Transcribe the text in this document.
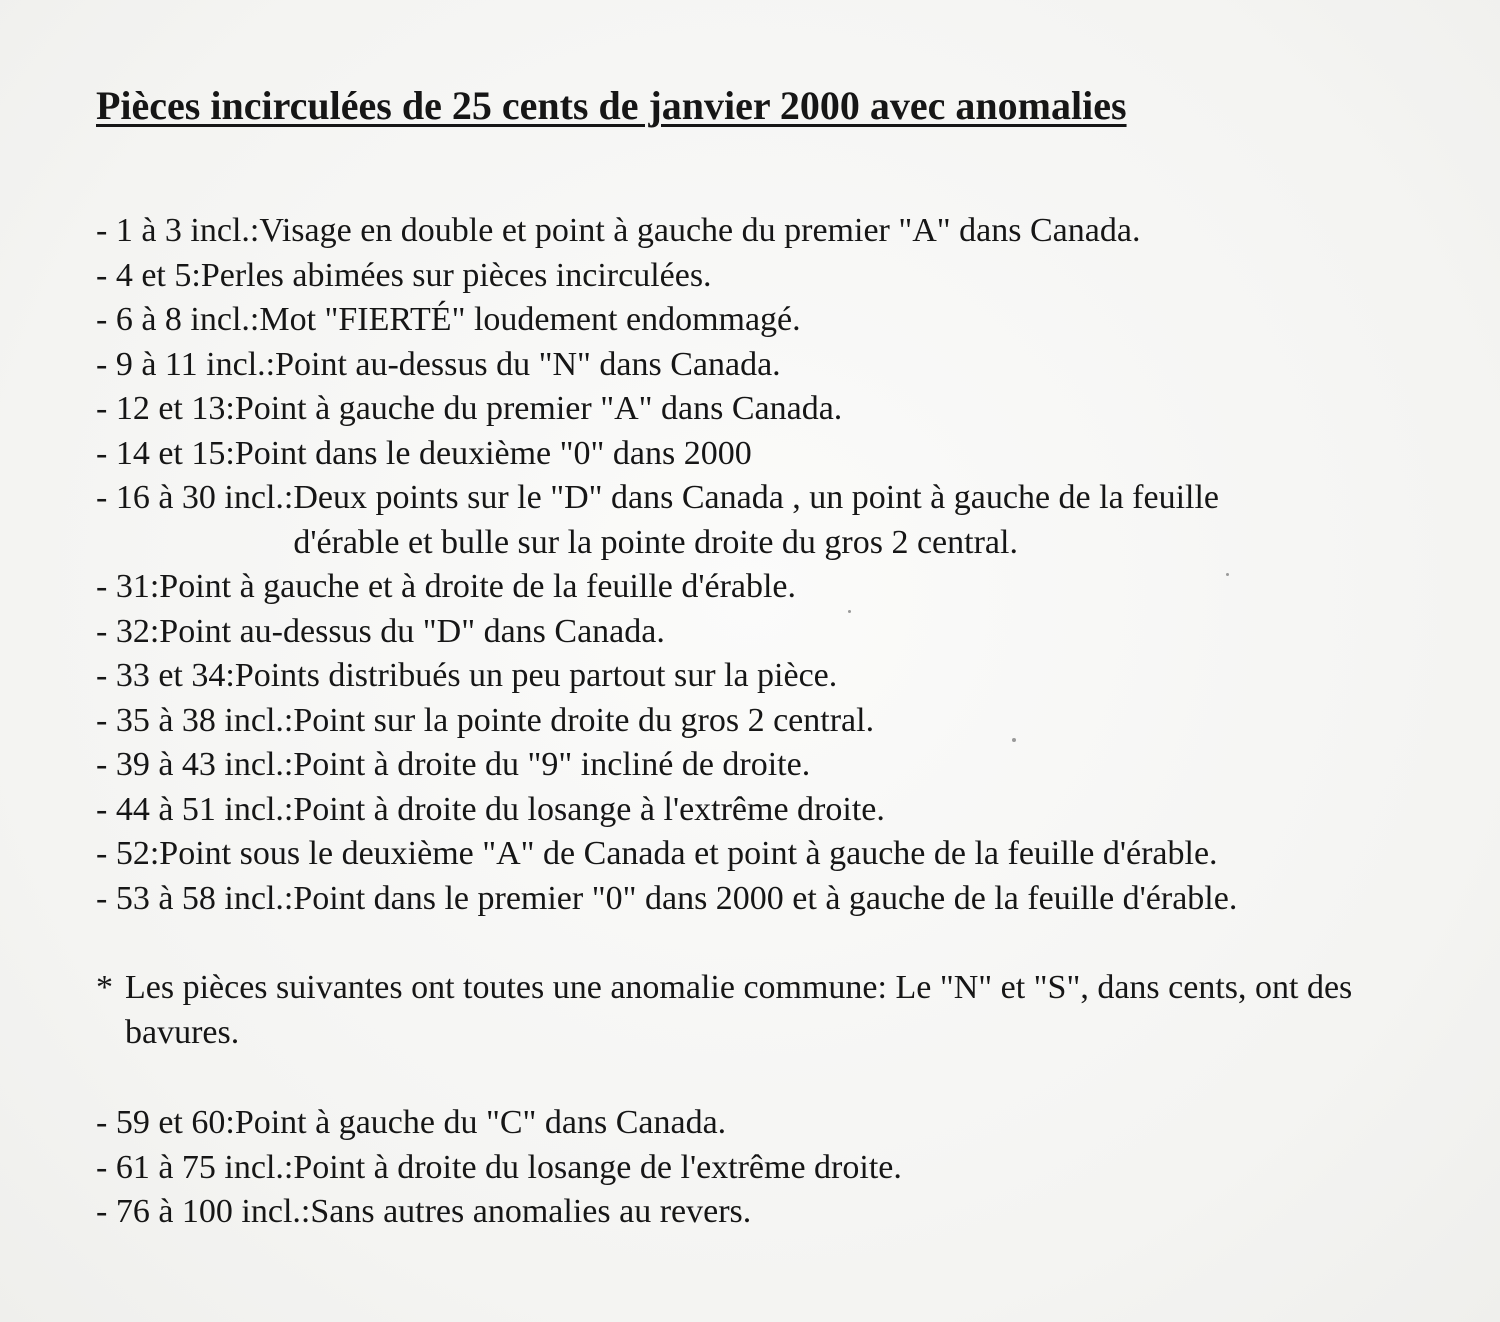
Pièces incirculées de 25 cents de janvier 2000 avec anomalies
- 1 à 3 incl.: Visage en double et point à gauche du premier "A" dans Canada.
- 4 et 5: Perles abimées sur pièces incirculées.
- 6 à 8 incl.: Mot "FIERTÉ" loudement endommagé.
- 9 à 11 incl.: Point au-dessus du "N" dans Canada.
- 12 et 13: Point à gauche du premier "A" dans Canada.
- 14 et 15: Point dans le deuxième "0" dans 2000
- 16 à 30 incl.: Deux points sur le "D" dans Canada , un point à gauche de la feuille d'érable et bulle sur la pointe droite du gros 2 central.
- 31: Point à gauche et à droite de la feuille d'érable.
- 32: Point au-dessus du "D" dans Canada.
- 33 et 34: Points distribués un peu partout sur la pièce.
- 35 à 38 incl.: Point sur la pointe droite du gros 2 central.
- 39 à 43 incl.: Point à droite du "9" incliné de droite.
- 44 à 51 incl.: Point à droite du losange à l'extrême droite.
- 52: Point sous le deuxième "A" de Canada et point à gauche de la feuille d'érable.
- 53 à 58 incl.: Point dans le premier "0" dans 2000 et à gauche de la feuille d'érable.
* Les pièces suivantes ont toutes une anomalie commune: Le "N" et "S", dans cents, ont des bavures.
- 59 et 60: Point à gauche du "C" dans Canada.
- 61 à 75 incl.: Point à droite du losange de l'extrême droite.
- 76 à 100 incl.: Sans autres anomalies au revers.
